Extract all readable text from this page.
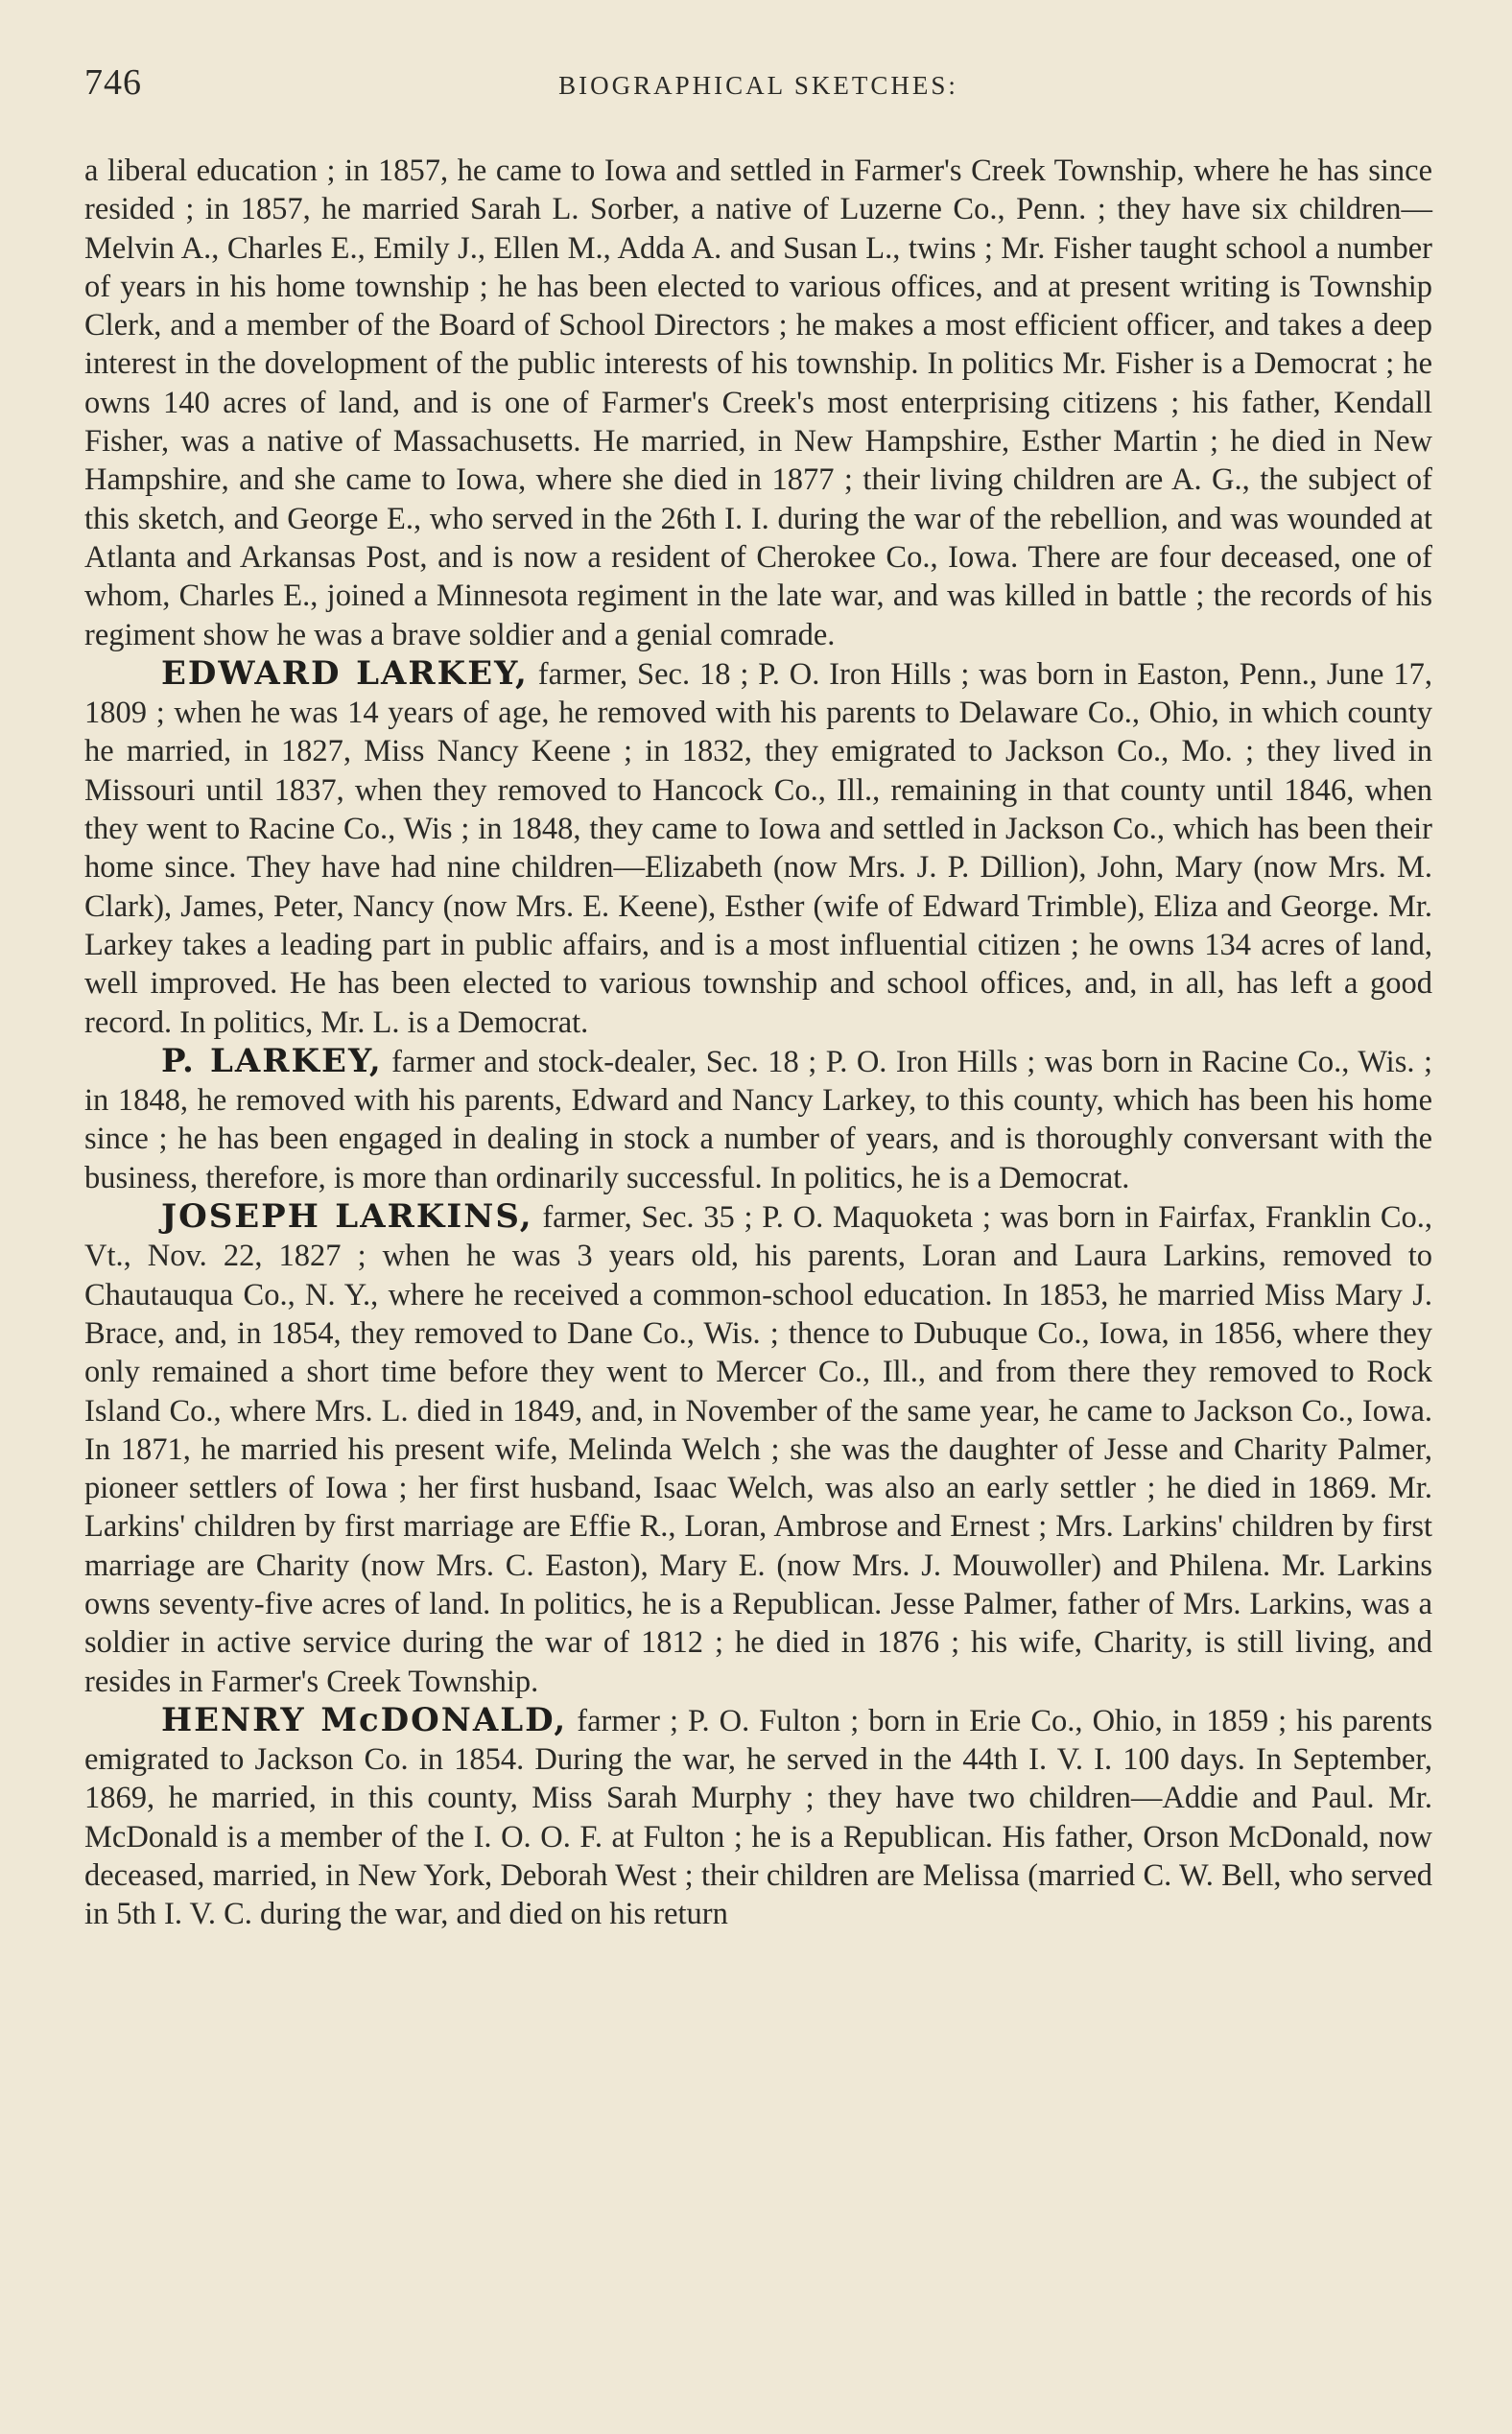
746	BIOGRAPHICAL SKETCHES:

a liberal education ; in 1857, he came to Iowa and settled in Farmer's Creek Township, where he has since resided ; in 1857, he married Sarah L. Sorber, a native of Luzerne Co., Penn. ; they have six children—Melvin A., Charles E., Emily J., Ellen M., Adda A. and Susan L., twins ; Mr. Fisher taught school a number of years in his home township ; he has been elected to various offices, and at present writing is Township Clerk, and a member of the Board of School Directors ; he makes a most efficient officer, and takes a deep interest in the dovelopment of the public interests of his township. In politics Mr. Fisher is a Democrat ; he owns 140 acres of land, and is one of Farmer's Creek's most enterprising citizens ; his father, Kendall Fisher, was a native of Massachusetts. He married, in New Hampshire, Esther Martin ; he died in New Hampshire, and she came to Iowa, where she died in 1877 ; their living children are A. G., the subject of this sketch, and George E., who served in the 26th I. I. during the war of the rebellion, and was wounded at Atlanta and Arkansas Post, and is now a resident of Cherokee Co., Iowa. There are four deceased, one of whom, Charles E., joined a Minnesota regiment in the late war, and was killed in battle ; the records of his regiment show he was a brave soldier and a genial comrade.

EDWARD LARKEY, farmer, Sec. 18 ; P. O. Iron Hills ; was born in Easton, Penn., June 17, 1809 ; when he was 14 years of age, he removed with his parents to Delaware Co., Ohio, in which county he married, in 1827, Miss Nancy Keene ; in 1832, they emigrated to Jackson Co., Mo. ; they lived in Missouri until 1837, when they removed to Hancock Co., Ill., remaining in that county until 1846, when they went to Racine Co., Wis ; in 1848, they came to Iowa and settled in Jackson Co., which has been their home since. They have had nine children—Elizabeth (now Mrs. J. P. Dillion), John, Mary (now Mrs. M. Clark), James, Peter, Nancy (now Mrs. E. Keene), Esther (wife of Edward Trimble), Eliza and George. Mr. Larkey takes a leading part in public affairs, and is a most influential citizen ; he owns 134 acres of land, well improved. He has been elected to various township and school offices, and, in all, has left a good record. In politics, Mr. L. is a Democrat.

P. LARKEY, farmer and stock-dealer, Sec. 18 ; P. O. Iron Hills ; was born in Racine Co., Wis. ; in 1848, he removed with his parents, Edward and Nancy Larkey, to this county, which has been his home since ; he has been engaged in dealing in stock a number of years, and is thoroughly conversant with the business, therefore, is more than ordinarily successful. In politics, he is a Democrat.

JOSEPH LARKINS, farmer, Sec. 35 ; P. O. Maquoketa ; was born in Fairfax, Franklin Co., Vt., Nov. 22, 1827 ; when he was 3 years old, his parents, Loran and Laura Larkins, removed to Chautauqua Co., N. Y., where he received a common-school education. In 1853, he married Miss Mary J. Brace, and, in 1854, they removed to Dane Co., Wis. ; thence to Dubuque Co., Iowa, in 1856, where they only remained a short time before they went to Mercer Co., Ill., and from there they removed to Rock Island Co., where Mrs. L. died in 1849, and, in November of the same year, he came to Jackson Co., Iowa. In 1871, he married his present wife, Melinda Welch ; she was the daughter of Jesse and Charity Palmer, pioneer settlers of Iowa ; her first husband, Isaac Welch, was also an early settler ; he died in 1869. Mr. Larkins' children by first marriage are Effie R., Loran, Ambrose and Ernest ; Mrs. Larkins' children by first marriage are Charity (now Mrs. C. Easton), Mary E. (now Mrs. J. Mouwoller) and Philena. Mr. Larkins owns seventy-five acres of land. In politics, he is a Republican. Jesse Palmer, father of Mrs. Larkins, was a soldier in active service during the war of 1812 ; he died in 1876 ; his wife, Charity, is still living, and resides in Farmer's Creek Township.

HENRY McDONALD, farmer ; P. O. Fulton ; born in Erie Co., Ohio, in 1859 ; his parents emigrated to Jackson Co. in 1854. During the war, he served in the 44th I. V. I. 100 days. In September, 1869, he married, in this county, Miss Sarah Murphy ; they have two children—Addie and Paul. Mr. McDonald is a member of the I. O. O. F. at Fulton ; he is a Republican. His father, Orson McDonald, now deceased, married, in New York, Deborah West ; their children are Melissa (married C. W. Bell, who served in 5th I. V. C. during the war, and died on his return
